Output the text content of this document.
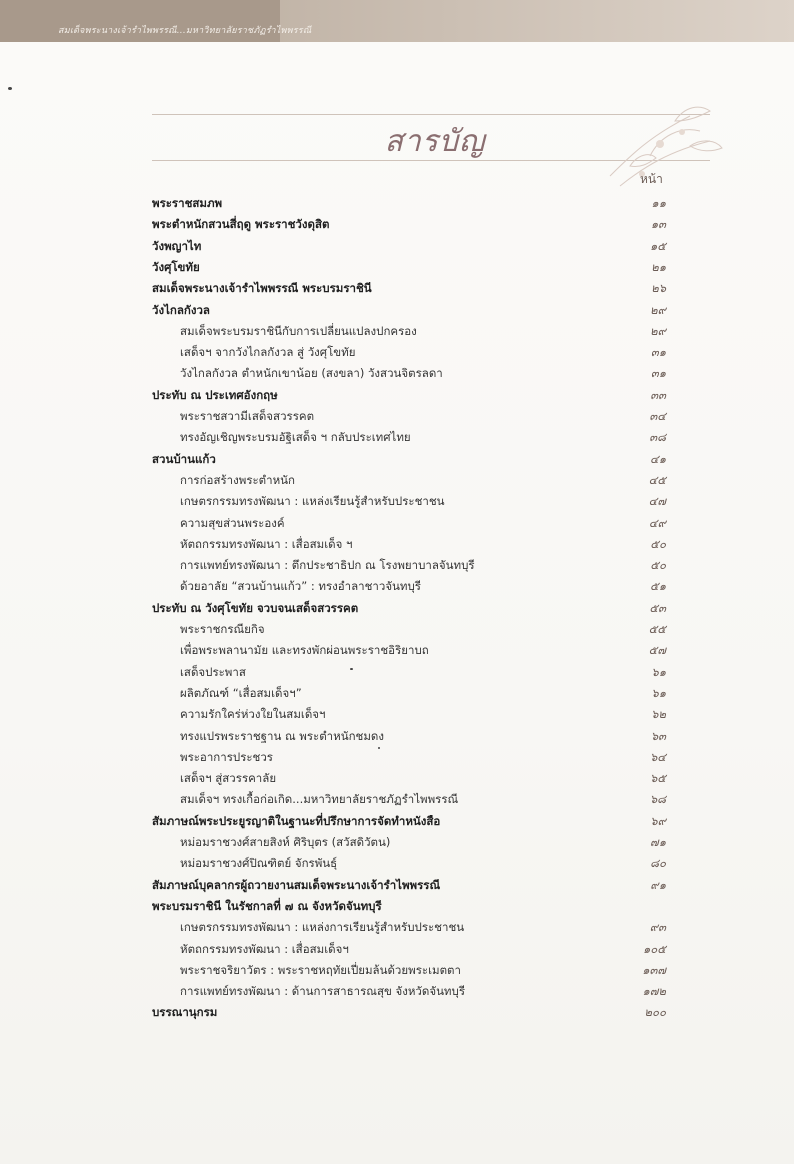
สมเด็จพระนางเจ้ารำไพพรรณี...มหาวิทยาลัยราชภัฏรำไพพรรณี
สารบัญ
หน้า
พระราชสมภพ	๑๑
พระตำหนักสวนสี่ฤดู พระราชวังดุสิต	๑๓
วังพญาไท	๑๕
วังศุโขทัย	๒๑
สมเด็จพระนางเจ้ารำไพพรรณี พระบรมราชินี	๒๖
วังไกลกังวล	๒๙
สมเด็จพระบรมราชินีกับการเปลี่ยนแปลงปกครอง	๒๙
เสด็จฯ จากวังไกลกังวล สู่ วังศุโขทัย	๓๑
วังไกลกังวล ตำหนักเขาน้อย (สงขลา) วังสวนจิตรลดา	๓๑
ประทับ ณ ประเทศอังกฤษ	๓๓
พระราชสวามีเสด็จสวรรคต	๓๔
ทรงอัญเชิญพระบรมอัฐิเสด็จ ฯ กลับประเทศไทย	๓๘
สวนบ้านแก้ว	๔๑
การก่อสร้างพระตำหนัก	๔๕
เกษตรกรรมทรงพัฒนา : แหล่งเรียนรู้สำหรับประชาชน	๔๗
ความสุขส่วนพระองค์	๔๙
หัตถกรรมทรงพัฒนา : เสื่อสมเด็จ ฯ	๕๐
การแพทย์ทรงพัฒนา : ตึกประชาธิปก ณ โรงพยาบาลจันทบุรี	๕๐
ด้วยอาลัย “สวนบ้านแก้ว” : ทรงอำลาชาวจันทบุรี	๕๑
ประทับ ณ วังศุโขทัย จวบจนเสด็จสวรรคต	๕๓
พระราชกรณียกิจ	๕๕
เพื่อพระพลานามัย และทรงพักผ่อนพระราชอิริยาบถ	๕๗
เสด็จประพาส	๖๑
ผลิตภัณฑ์ “เสื่อสมเด็จฯ”	๖๑
ความรักใคร่ห่วงใยในสมเด็จฯ	๖๒
ทรงแปรพระราชฐาน ณ พระตำหนักชมดง	๖๓
พระอาการประชวร	๖๔
เสด็จฯ สู่สวรรคาลัย	๖๕
สมเด็จฯ ทรงเกื้อก่อเกิด...มหาวิทยาลัยราชภัฏรำไพพรรณี	๖๘
สัมภาษณ์พระประยูรญาติในฐานะที่ปรึกษาการจัดทำหนังสือ	๖๙
หม่อมราชวงศ์สายสิงห์ ศิริบุตร (สวัสดิวัตน)	๗๑
หม่อมราชวงศ์ปิณฑิตย์ จักรพันธุ์	๘๐
สัมภาษณ์บุคลากรผู้ถวายงานสมเด็จพระนางเจ้ารำไพพรรณี	๙๑
พระบรมราชินี ในรัชกาลที่ ๗ ณ จังหวัดจันทบุรี
เกษตรกรรมทรงพัฒนา : แหล่งการเรียนรู้สำหรับประชาชน	๙๓
หัตถกรรมทรงพัฒนา : เสื่อสมเด็จฯ	๑๐๕
พระราชจริยาวัตร : พระราชหฤทัยเปี่ยมล้นด้วยพระเมตตา	๑๓๗
การแพทย์ทรงพัฒนา : ด้านการสาธารณสุข จังหวัดจันทบุรี	๑๗๒
บรรณานุกรม	๒๐๐
